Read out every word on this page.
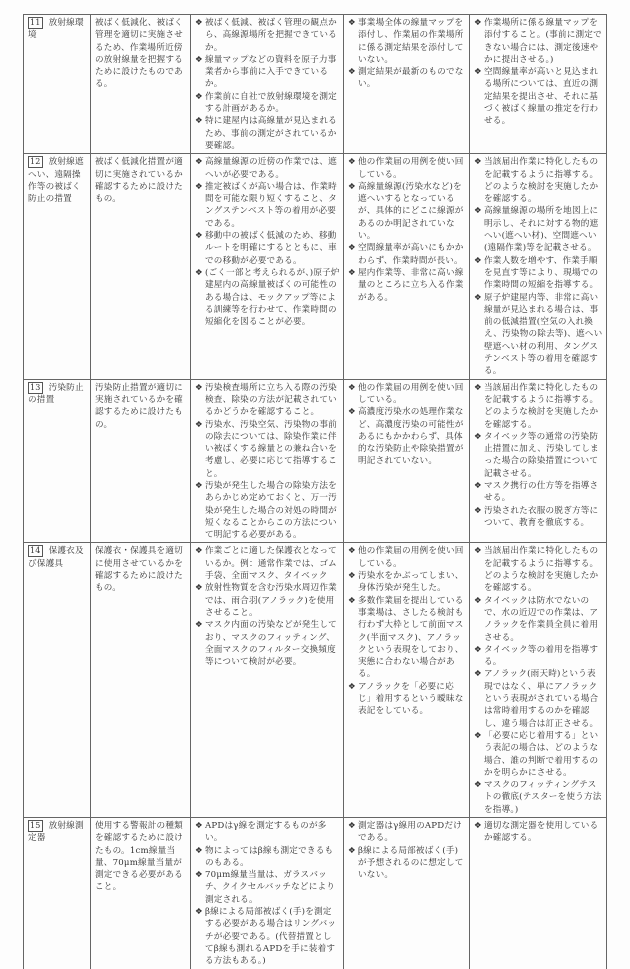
11 放射線環境	被ばく低減化、被ばく管理を適切に実施させるため、作業場所近傍の放射線量を把握するために設けたものである。	
❖ 被ばく低減、被ばく管理の観点から、高線源場所を把握できているか。
❖ 線量マップなどの資料を原子力事業者から事前に入手できているか。
❖ 作業前に自社で放射線環境を測定する計画があるか。
❖ 特に建屋内は高線量が見込まれるため、事前の測定がされているか要確認。

❖ 事業場全体の線量マップを添付し、作業届の作業場所に係る測定結果を添付していない。
❖ 測定結果が最新のものでない。

❖ 作業場所に係る線量マップを添付すること。(事前に測定できない場合には、測定後速やかに提出させる。)
❖ 空間線量率が高いと見込まれる場所については、直近の測定結果を提出させ、それに基づく被ばく線量の推定を行わせる。

12 放射線遮へい、遠隔操作等の被ばく防止の措置	被ばく低減化措置が適切に実施されているか確認するために設けたもの。	
❖ 高線量線源の近傍の作業では、遮へいが必要である。
❖ 推定被ばくが高い場合は、作業時間を可能な限り短くすること、タングステンベスト等の着用が必要である。
❖ 移動中の被ばく低減のため、移動ルートを明確にするとともに、車での移動が必要である。
❖ (ごく一部と考えられるが、)原子炉建屋内の高線量被ばくの可能性のある場合は、モックアップ等による訓練等を行わせて、作業時間の短縮化を図ることが必要。

❖ 他の作業届の用例を使い回している。
❖ 高線量線源(汚染水など)を遮へいするとなっているが、具体的にどこに線源があるのか明記されていない。
❖ 空間線量率が高いにもかかわらず、作業時間が長い。
❖ 屋内作業等、非常に高い線量のところに立ち入る作業がある。

❖ 当該届出作業に特化したものを記載するように指導する。どのような検討を実施したかを確認する。
❖ 高線量線源の場所を地図上に明示し、それに対する物的遮へい(遮へい材)、空間遮へい(遠隔作業)等を記載させる。
❖ 作業人数を増やす、作業手順を見直す等により、現場での作業時間の短縮を指導する。
❖ 原子炉建屋内等、非常に高い線量が見込まれる場合は、事前の低減措置(空気の入れ換え、汚染物の除去等)、遮へい壁遮へい材の利用、タングステンベスト等の着用を確認する。

13 汚染防止の措置	汚染防止措置が適切に実施されているかを確認するために設けたもの。	
❖ 汚染検査場所に立ち入る際の汚染検査、除染の方法が記載されているかどうかを確認すること。
❖ 汚染水、汚染空気、汚染物の事前の除去については、除染作業に伴い被ばくする線量との兼ね合いを考慮し、必要に応じて指導すること。
❖ 汚染が発生した場合の除染方法をあらかじめ定めておくと、万一汚染が発生した場合の対処の時間が短くなることからこの方法について明記する必要がある。

❖ 他の作業届の用例を使い回している。
❖ 高濃度汚染水の処理作業など、高濃度汚染の可能性があるにもかかわらず、具体的な汚染防止や除染措置が明記されていない。

❖ 当該届出作業に特化したものを記載するように指導する。どのような検討を実施したかを確認する。
❖ タイベック等の通常の汚染防止措置に加え、汚染してしまった場合の除染措置について記載させる。
❖ マスク携行の仕方等を指導させる。
❖ 汚染された衣服の脱ぎ方等について、教育を徹底する。

14 保護衣及び保護具	保護衣・保護具を適切に使用させているかを確認するために設けたもの。	
❖ 作業ごとに適した保護衣となっているか。例：通常作業では、ゴム手袋、全面マスク、タイベック
❖ 放射性物質を含む汚染水周辺作業では、雨合羽(アノラック)を使用させること。
❖ マスク内面の汚染などが発生しており、マスクのフィッティング、全面マスクのフィルター交換頻度等について検討が必要。

❖ 他の作業届の用例を使い回している。
❖ 汚染水をかぶってしまい、身体汚染が発生した。
❖ 多数作業届を提出している事業場は、さしたる検討も行わず大枠として前面マスク(半面マスク)、アノラックという表現をしており、実態に合わない場合がある。
❖ アノラックを「必要に応じ」着用するという曖昧な表記をしている。

❖ 当該届出作業に特化したものを記載するように指導する。どのような検討を実施したかを確認する。
❖ タイベックは防水でないので、水の近辺での作業は、アノラックを作業員全員に着用させる。
❖ タイベック等の着用を指導する。
❖ アノラック(雨天時)という表現ではなく、単にアノラックという表現がされている場合は常時着用するのかを確認し、違う場合は訂正させる。
❖ 「必要に応じ着用する」という表記の場合は、どのような場合、誰の判断で着用するのかを明らかにさせる。
❖ マスクのフィッティングテストの徹底(テスターを使う方法を指導。)

15 放射線測定器	使用する警報計の種類を確認するために設けたもの。1cm線量当量、70μm線量当量が測定できる必要があること。	
❖ APDはγ線を測定するものが多い。
❖ 物によってはβ線も測定できるものもある。
❖ 70μm線量当量は、ガラスバッチ、クイクセルバッチなどにより測定される。
❖ β線による局部被ばく(手)を測定する必要がある場合はリングバッチが必要である。(代替措置としてβ線も測れるAPDを手に装着する方法もある。)

❖ 測定器はγ線用のAPDだけである。
❖ β線による局部被ばく(手)が予想されるのに想定していない。

❖ 適切な測定器を使用しているか確認する。
